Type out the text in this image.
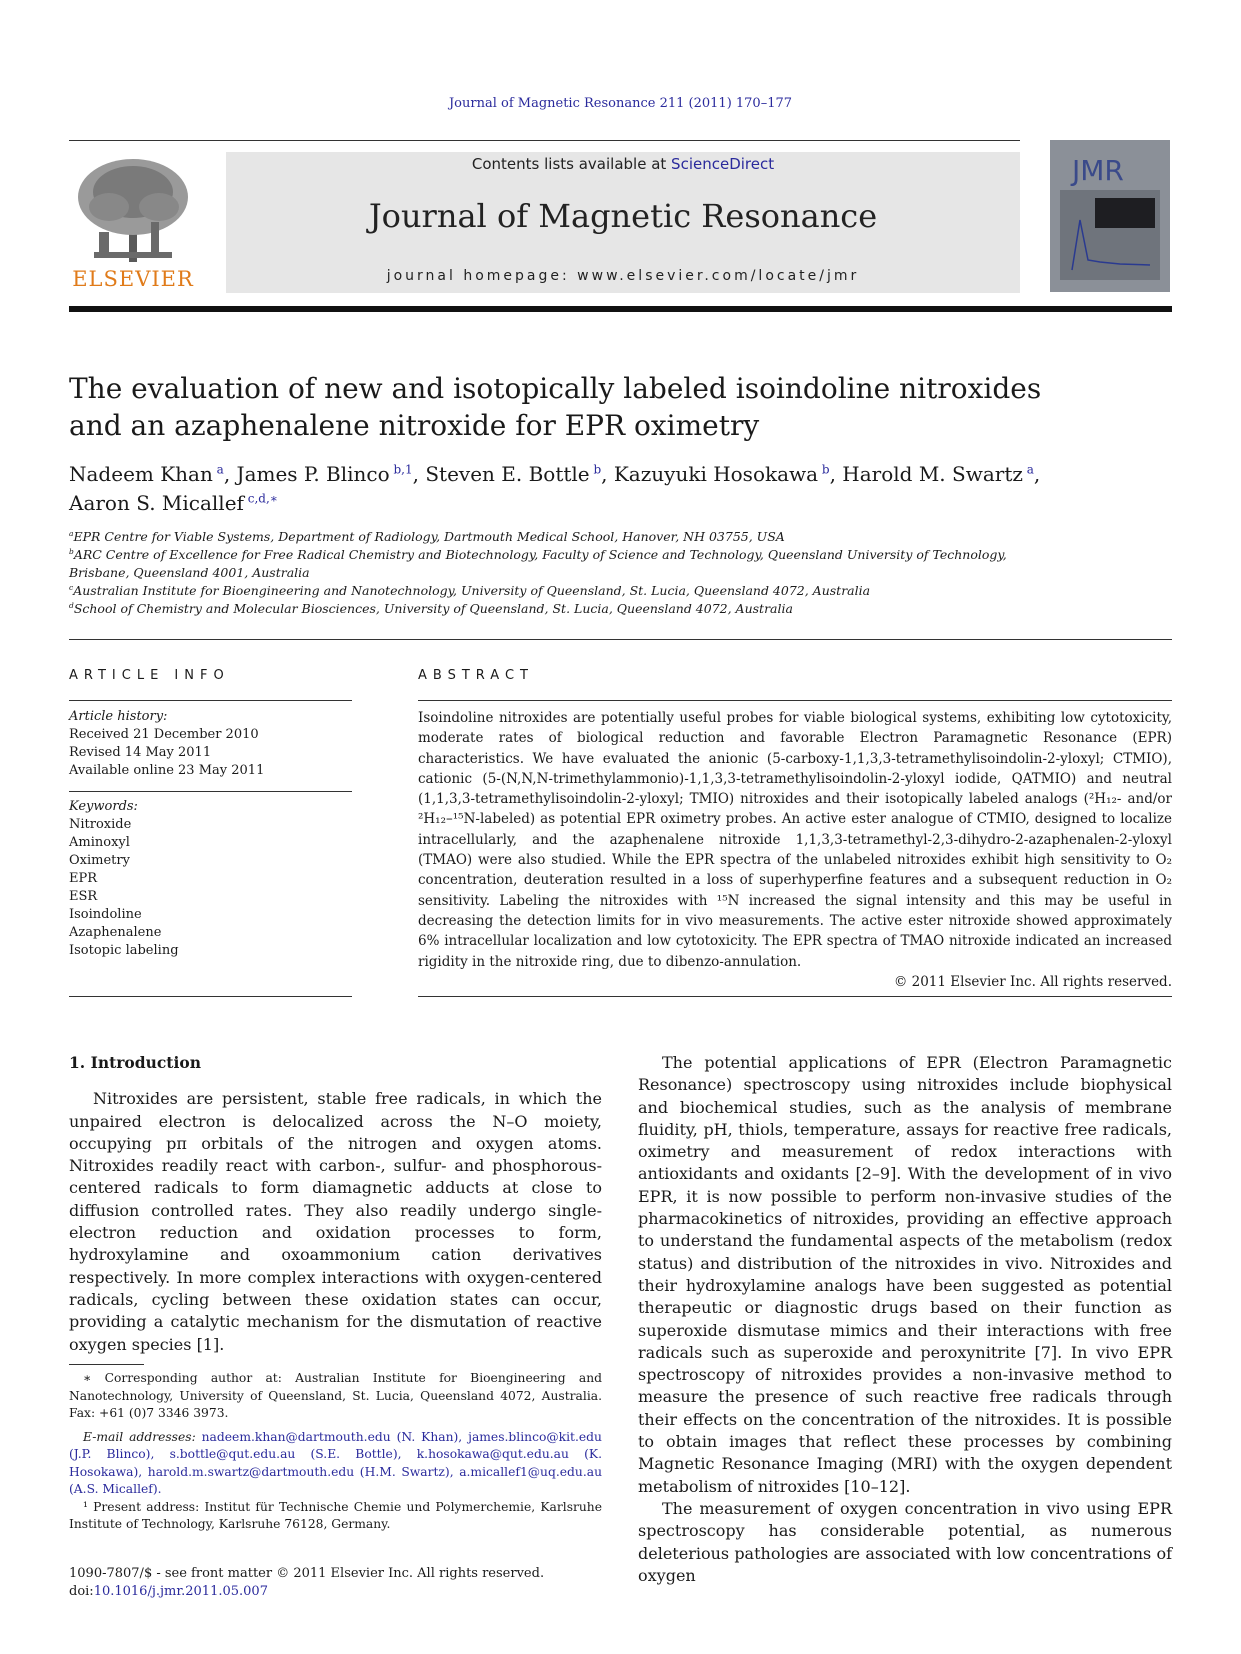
Journal of Magnetic Resonance 211 (2011) 170–177
ELSEVIER
Contents lists available at ScienceDirect
Journal of Magnetic Resonance
journal homepage: www.elsevier.com/locate/jmr
JMR
The evaluation of new and isotopically labeled isoindoline nitroxides
and an azaphenalene nitroxide for EPR oximetry
Nadeem Khan $^a$, James P. Blinco $^{b,1}$, Steven E. Bottle $^b$, Kazuyuki Hosokawa $^b$, Harold M. Swartz $^a$,
Aaron S. Micallef $^{c,d,∗}$
$^a$EPR Centre for Viable Systems, Department of Radiology, Dartmouth Medical School, Hanover, NH 03755, USA
$^b$ARC Centre of Excellence for Free Radical Chemistry and Biotechnology, Faculty of Science and Technology, Queensland University of Technology,
Brisbane, Queensland 4001, Australia
$^c$Australian Institute for Bioengineering and Nanotechnology, University of Queensland, St. Lucia, Queensland 4072, Australia
$^d$School of Chemistry and Molecular Biosciences, University of Queensland, St. Lucia, Queensland 4072, Australia
ARTICLE INFO	ABSTRACT
Article history:
Received 21 December 2010
Revised 14 May 2011
Available online 23 May 2011
Keywords:
Nitroxide
Aminoxyl
Oximetry
EPR
ESR
Isoindoline
Azaphenalene
Isotopic labeling
Isoindoline nitroxides are potentially useful probes for viable biological systems, exhibiting low cytotoxicity, moderate rates of biological reduction and favorable Electron Paramagnetic Resonance (EPR) characteristics. We have evaluated the anionic (5-carboxy-1,1,3,3-tetramethylisoindolin-2-yloxyl; CTMIO), cationic (5-(N,N,N-trimethylammonio)-1,1,3,3-tetramethylisoindolin-2-yloxyl iodide, QATMIO) and neutral (1,1,3,3-tetramethylisoindolin-2-yloxyl; TMIO) nitroxides and their isotopically labeled analogs (²H₁₂- and/or ²H₁₂–¹⁵N-labeled) as potential EPR oximetry probes. An active ester analogue of CTMIO, designed to localize intracellularly, and the azaphenalene nitroxide 1,1,3,3-tetramethyl-2,3-dihydro-2-azaphenalen-2-yloxyl (TMAO) were also studied. While the EPR spectra of the unlabeled nitroxides exhibit high sensitivity to O₂ concentration, deuteration resulted in a loss of superhyperfine features and a subsequent reduction in O₂ sensitivity. Labeling the nitroxides with ¹⁵N increased the signal intensity and this may be useful in decreasing the detection limits for in vivo measurements. The active ester nitroxide showed approximately 6% intracellular localization and low cytotoxicity. The EPR spectra of TMAO nitroxide indicated an increased rigidity in the nitroxide ring, due to dibenzo-annulation.
© 2011 Elsevier Inc. All rights reserved.
1. Introduction

Nitroxides are persistent, stable free radicals, in which the unpaired electron is delocalized across the N–O moiety, occupying pπ orbitals of the nitrogen and oxygen atoms. Nitroxides readily react with carbon-, sulfur- and phosphorous-centered radicals to form diamagnetic adducts at close to diffusion controlled rates. They also readily undergo single-electron reduction and oxidation processes to form, hydroxylamine and oxoammonium cation derivatives respectively. In more complex interactions with oxygen-centered radicals, cycling between these oxidation states can occur, providing a catalytic mechanism for the dismutation of reactive oxygen species [1].

The potential applications of EPR (Electron Paramagnetic Resonance) spectroscopy using nitroxides include biophysical and biochemical studies, such as the analysis of membrane fluidity, pH, thiols, temperature, assays for reactive free radicals, oximetry and measurement of redox interactions with antioxidants and oxidants [2–9]. With the development of in vivo EPR, it is now possible to perform non-invasive studies of the pharmacokinetics of nitroxides, providing an effective approach to understand the fundamental aspects of the metabolism (redox status) and distribution of the nitroxides in vivo. Nitroxides and their hydroxylamine analogs have been suggested as potential therapeutic or diagnostic drugs based on their function as superoxide dismutase mimics and their interactions with free radicals such as superoxide and peroxynitrite [7]. In vivo EPR spectroscopy of nitroxides provides a non-invasive method to measure the presence of such reactive free radicals through their effects on the concentration of the nitroxides. It is possible to obtain images that reflect these processes by combining Magnetic Resonance Imaging (MRI) with the oxygen dependent metabolism of nitroxides [10–12].

The measurement of oxygen concentration in vivo using EPR spectroscopy has considerable potential, as numerous deleterious pathologies are associated with low concentrations of oxygen

∗ Corresponding author at: Australian Institute for Bioengineering and Nanotechnology, University of Queensland, St. Lucia, Queensland 4072, Australia. Fax: +61 (0)7 3346 3973.
E-mail addresses: nadeem.khan@dartmouth.edu (N. Khan), james.blinco@kit.edu (J.P. Blinco), s.bottle@qut.edu.au (S.E. Bottle), k.hosokawa@qut.edu.au (K. Hosokawa), harold.m.swartz@dartmouth.edu (H.M. Swartz), a.micallef1@uq.edu.au (A.S. Micallef).
¹ Present address: Institut für Technische Chemie und Polymerchemie, Karlsruhe Institute of Technology, Karlsruhe 76128, Germany.
1090-7807/$ - see front matter © 2011 Elsevier Inc. All rights reserved.
doi:10.1016/j.jmr.2011.05.007
